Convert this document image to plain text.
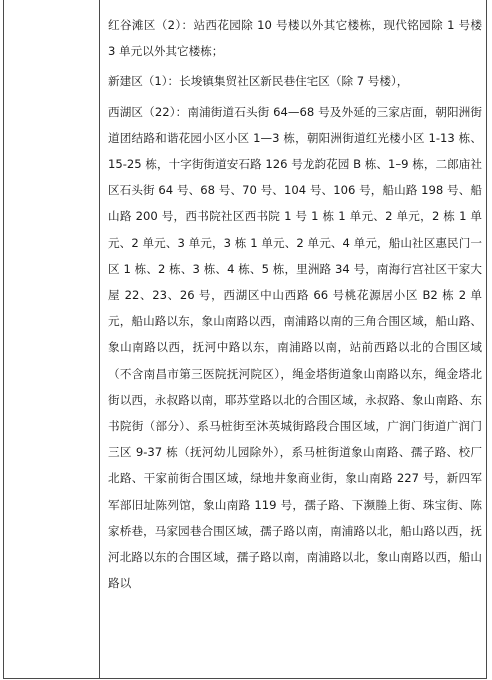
红谷滩区（2）：站西花园除 10 号楼以外其它楼栋，现代铭园除 1 号楼 3 单元以外其它楼栋；

新建区（1）：长埈镇集贸社区新民巷住宅区（除 7 号楼），

西湖区（22）：南浦街道石头街 64—68 号及外延的三家店面，朝阳洲街道团结路和谐花园小区小区 1—3 栋，朝阳洲街道红光楼小区 1-13 栋、15-25 栋，十字街街道安石路 126 号龙韵花园 B 栋、1–9 栋，二郎庙社区石头街 64 号、68 号、70 号、104 号、106 号，船山路 198 号、船山路 200 号，西书院社区西书院 1 号 1 栋 1 单元、2 单元，2 栋 1 单元、2 单元、3 单元，3 栋 1 单元、2 单元、4 单元，船山社区惠民门一区 1 栋、2 栋、3 栋、4 栋、5 栋，里洲路 34 号，南海行宫社区干家大屋 22、23、26 号，西湖区中山西路 66 号桃花源居小区 B2 栋 2 单元，船山路以东，象山南路以西，南浦路以南的三角合围区域，船山路、象山南路以西，抚河中路以东，南浦路以南，站前西路以北的合围区域（不含南昌市第三医院抚河院区），绳金塔街道象山南路以东，绳金塔北街以西，永叔路以南，耶苏堂路以北的合围区域，永叔路、象山南路、东书院街（部分）、系马桩街至沐英城街路段合围区域，广润门街道广润门三区 9-37 栋（抚河幼儿园除外），系马桩街道象山南路、孺子路、校厂北路、干家前街合围区域，绿地井象商业街，象山南路 227 号，新四军军部旧址陈列馆，象山南路 119 号，孺子路、下濒塍上街、珠宝街、陈家桥巷，马家园巷合围区域，孺子路以南，南浦路以北，船山路以西，抚河北路以东的合围区域，孺子路以南，南浦路以北，象山南路以西，船山路以
